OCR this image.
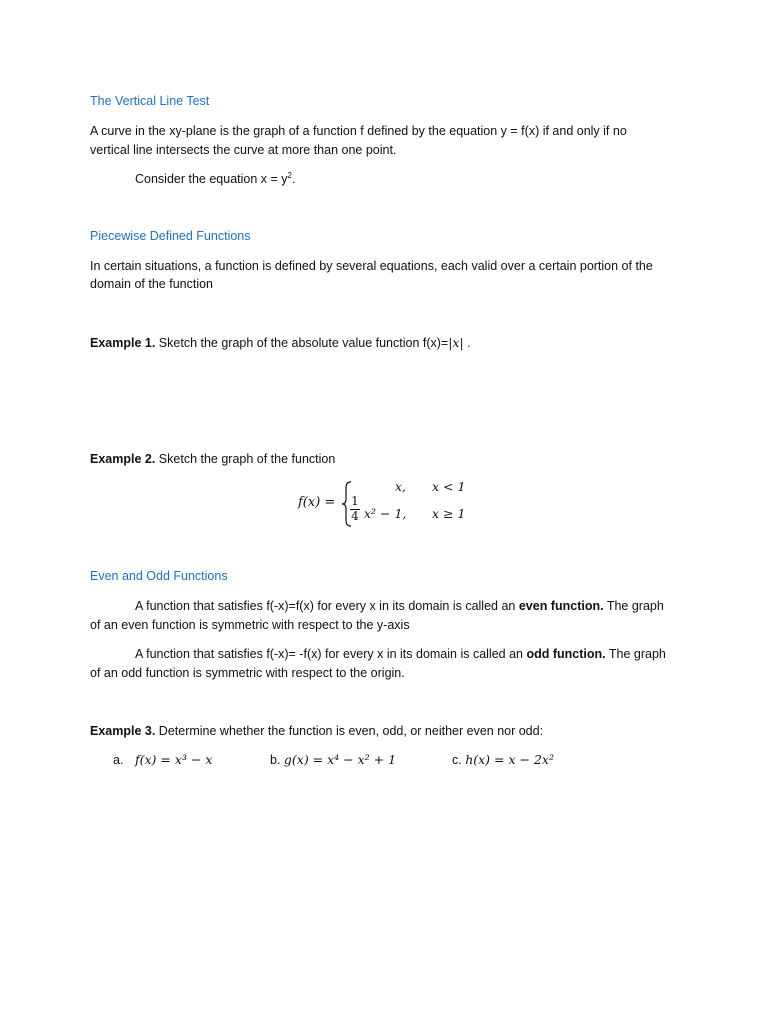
The Vertical Line Test
A curve in the xy-plane is the graph of a function f defined by the equation y = f(x) if and only if no
vertical line intersects the curve at more than one point.
Consider the equation $x = y^2$.
Piecewise Defined Functions
In certain situations, a function is defined by several equations, each valid over a certain portion of the
domain of the function
Example 1. Sketch the graph of the absolute value function f(x)=|x| .
Example 2. Sketch the graph of the function
f(x) =
x, x < 1
$\frac{1}{4} x^2 - 1$, x ≥ 1
Even and Odd Functions
A function that satisfies f(-x)=f(x) for every x in its domain is called an even function. The graph
of an even function is symmetric with respect to the y-axis
A function that satisfies f(-x)= -f(x) for every x in its domain is called an odd function. The graph
of an odd function is symmetric with respect to the origin.
Example 3. Determine whether the function is even, odd, or neither even nor odd:
a. f(x) = x³ − x	b. g(x) = x⁴ − x² + 1	c. h(x) = x − 2x²
